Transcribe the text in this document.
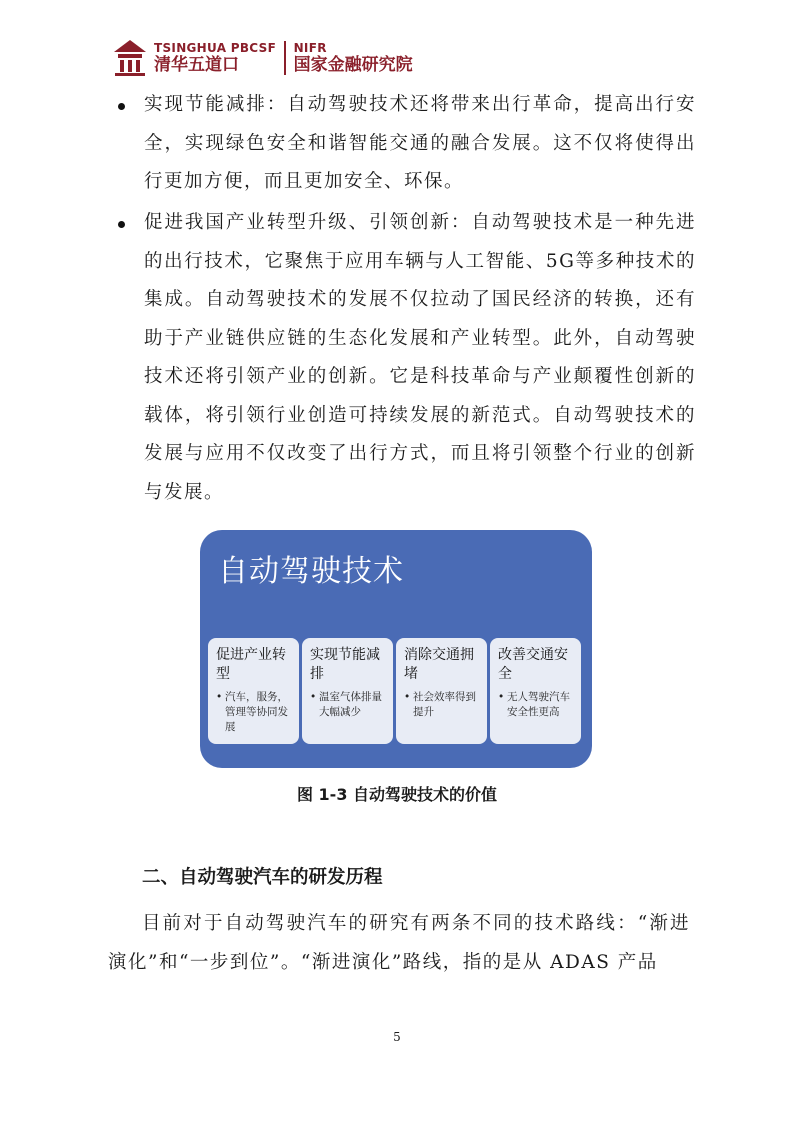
TSINGHUA PBCSF
清华五道口
NIFR
国家金融研究院
实现节能减排：自动驾驶技术还将带来出行革命，提高出行安全，实现绿色安全和谐智能交通的融合发展。这不仅将使得出行更加方便，而且更加安全、环保。
促进我国产业转型升级、引领创新：自动驾驶技术是一种先进的出行技术，它聚焦于应用车辆与人工智能、5G等多种技术的集成。自动驾驶技术的发展不仅拉动了国民经济的转换，还有助于产业链供应链的生态化发展和产业转型。此外，自动驾驶技术还将引领产业的创新。它是科技革命与产业颠覆性创新的载体，将引领行业创造可持续发展的新范式。自动驾驶技术的发展与应用不仅改变了出行方式，而且将引领整个行业的创新与发展。
自动驾驶技术
促进产业转型
• 汽车，服务，管理等协同发展
实现节能减排
• 温室气体排量大幅减少
消除交通拥堵
• 社会效率得到提升
改善交通安全
• 无人驾驶汽车安全性更高
图 1-3 自动驾驶技术的价值
二、自动驾驶汽车的研发历程
目前对于自动驾驶汽车的研究有两条不同的技术路线：“渐进演化”和“一步到位”。“渐进演化”路线，指的是从 ADAS 产品
5
